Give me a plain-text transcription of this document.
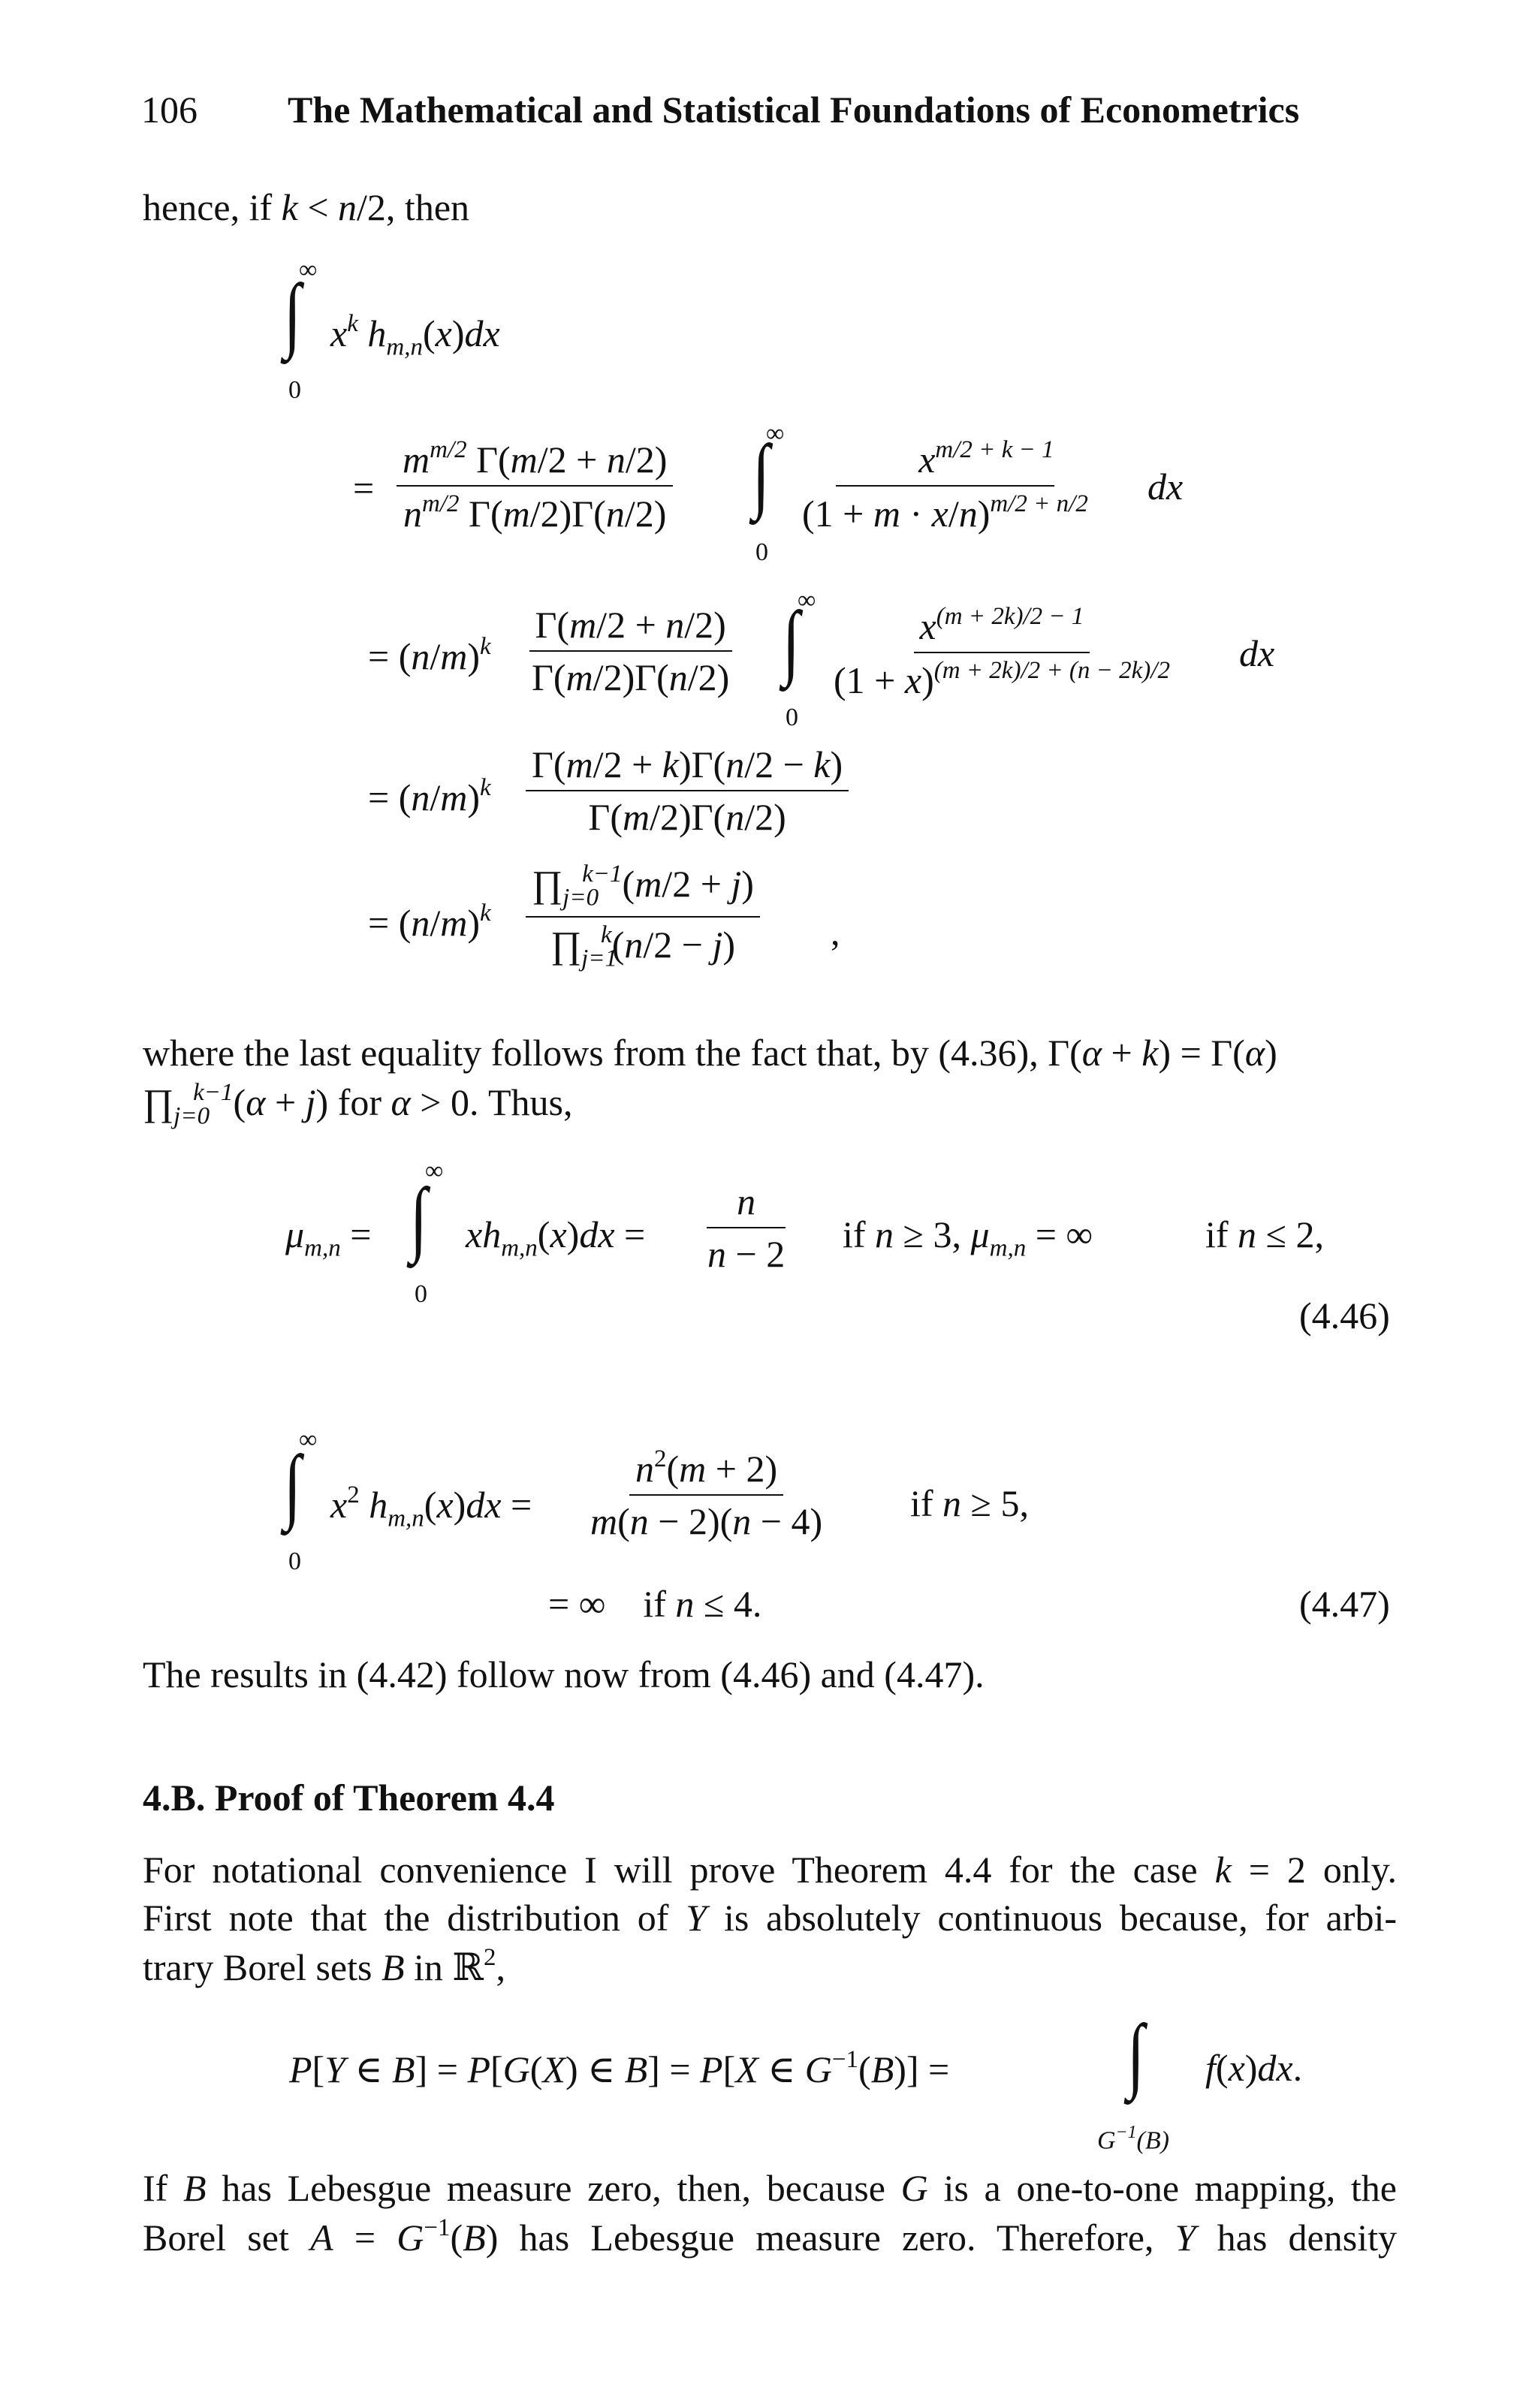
106 The Mathematical and Statistical Foundations of Econometrics
hence, if k < n/2, then
∞
∫
0
$x^k$ $h_{m,n}(x)dx$
= $\frac{m^{m/2} \Gamma(m/2 + n/2)}{n^{m/2} \Gamma(m/2)\Gamma(n/2)}$
∞
∫
0
$\frac{x^{m/2 + k - 1}}{(1 + m \cdot x/n)^{m/2 + n/2}}$ dx
= $(n/m)^k \frac{\Gamma(m/2 + n/2)}{\Gamma(m/2)\Gamma(n/2)}$
∞
∫
0
$\frac{x^{(m + 2k)/2 - 1}}{(1 + x)^{(m + 2k)/2 + (n - 2k)/2}}$ dx
= $(n/m)^k \frac{\Gamma(m/2 + k)\Gamma(n/2 - k)}{\Gamma(m/2)\Gamma(n/2)}$
= $(n/m)^k \frac{\prod_{j=0}^{k-1}(m/2 + j)}{\prod_{j=1}^k(n/2 - j)}$ ,
where the last equality follows from the fact that, by (4.36), Γ(α + k) = Γ(α)
$\prod_{j=0}^{k-1}(\alpha + j)$ for α > 0. Thus,
$\mu_{m,n}$ =
∞
∫
0
$xh_{m,n}(x)dx = \frac{n}{n - 2}$ if n ≥ 3, $\mu_{m,n}$ = ∞	if n ≤ 2,
(4.46)
∞
∫
0
$x^2$ $h_{m,n}(x)dx = \frac{n^2(m + 2)}{m(n - 2)(n - 4)}$ if n ≥ 5,
= ∞    if n ≤ 4.	(4.47)
The results in (4.42) follow now from (4.46) and (4.47).
4.B. Proof of Theorem 4.4
For notational convenience I will prove Theorem 4.4 for the case k = 2 only.
First note that the distribution of Y is absolutely continuous because, for arbi-
trary Borel sets B in ℝ$^2$,
P[Y ∈ B] = P[G(X) ∈ B] = P[X ∈ $G^{-1}(B)$] = ∫
$G^{-1}(B)$
f(x)dx.
If B has Lebesgue measure zero, then, because G is a one-to-one mapping, the
Borel set $A = G^{-1}(B)$ has Lebesgue measure zero. Therefore, Y has density
